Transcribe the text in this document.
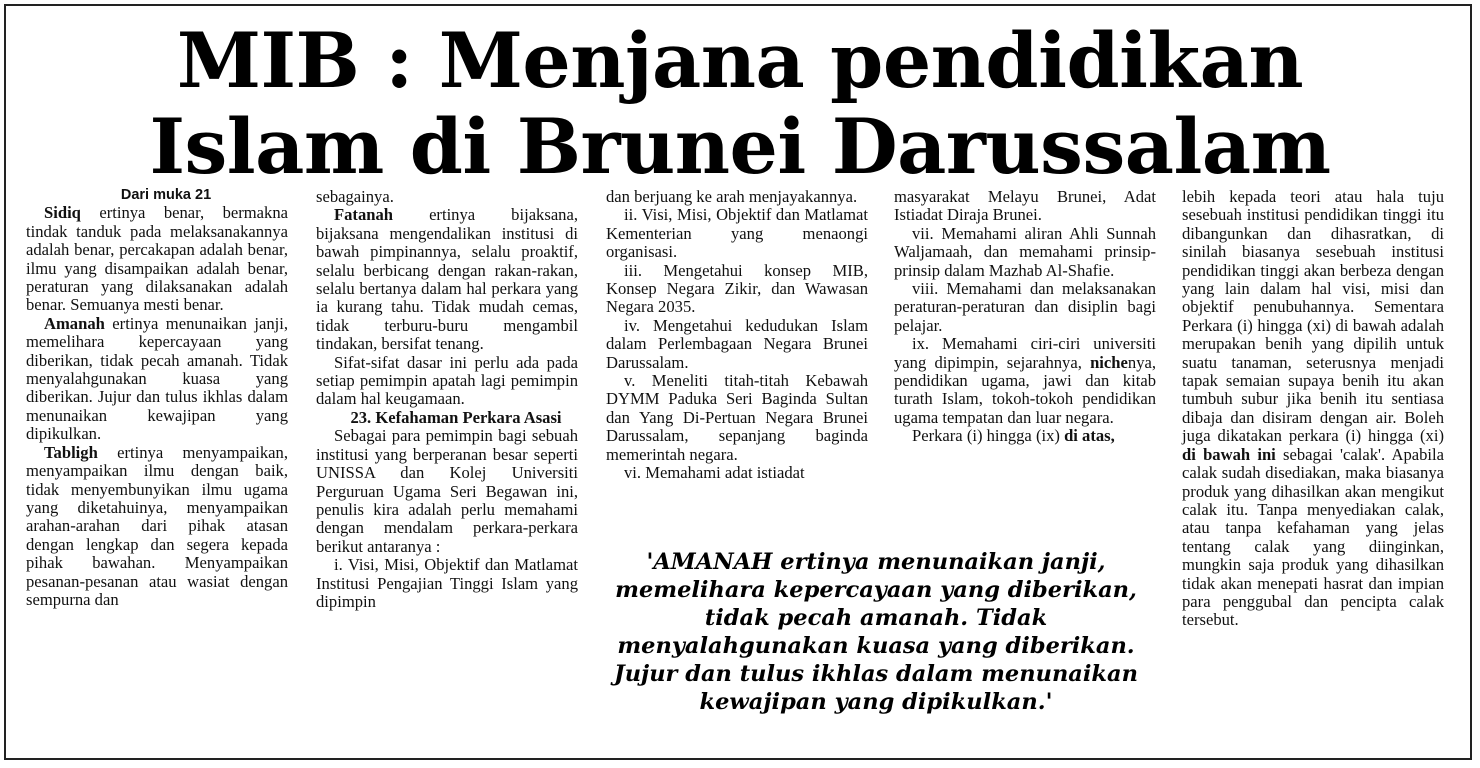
MIB : Menjana pendidikan
Islam di Brunei Darussalam

Dari muka 21

Sidiq ertinya benar, bermakna tindak tanduk pada melaksanakannya adalah benar, percakapan adalah benar, ilmu yang disampaikan adalah benar, peraturan yang dilaksanakan adalah benar. Semuanya mesti benar.

Amanah ertinya menunaikan janji, memelihara kepercayaan yang diberikan, tidak pecah amanah. Tidak menyalahgunakan kuasa yang diberikan. Jujur dan tulus ikhlas dalam menunaikan kewajipan yang dipikulkan.

Tabligh ertinya menyampaikan, menyampaikan ilmu dengan baik, tidak menyembunyikan ilmu ugama yang diketahuinya, menyampaikan arahan-arahan dari pihak atasan dengan lengkap dan segera kepada pihak bawahan. Menyampaikan pesanan-pesanan atau wasiat dengan sempurna dan

sebagainya.

Fatanah ertinya bijaksana, bijaksana mengendalikan institusi di bawah pimpinannya, selalu proaktif, selalu berbicang dengan rakan-rakan, selalu bertanya dalam hal perkara yang ia kurang tahu. Tidak mudah cemas, tidak terburu-buru mengambil tindakan, bersifat tenang.

Sifat-sifat dasar ini perlu ada pada setiap pemimpin apatah lagi pemimpin dalam hal keugamaan.

23. Kefahaman Perkara Asasi

Sebagai para pemimpin bagi sebuah institusi yang berperanan besar seperti UNISSA dan Kolej Universiti Perguruan Ugama Seri Begawan ini, penulis kira adalah perlu memahami dengan mendalam perkara-perkara berikut antaranya :

i. Visi, Misi, Objektif dan Matlamat Institusi Pengajian Tinggi Islam yang dipimpin

dan berjuang ke arah menjayakannya.

ii. Visi, Misi, Objektif dan Matlamat Kementerian yang menaongi organisasi.

iii. Mengetahui konsep MIB, Konsep Negara Zikir, dan Wawasan Negara 2035.

iv. Mengetahui kedudukan Islam dalam Perlembagaan Negara Brunei Darussalam.

v. Meneliti titah-titah Kebawah DYMM Paduka Seri Baginda Sultan dan Yang Di-Pertuan Negara Brunei Darussalam, sepanjang baginda memerintah negara.

vi. Memahami adat istiadat

masyarakat Melayu Brunei, Adat Istiadat Diraja Brunei.

vii. Memahami aliran Ahli Sunnah Waljamaah, dan memahami prinsip-prinsip dalam Mazhab Al-Shafie.

viii. Memahami dan melaksanakan peraturan-peraturan dan disiplin bagi pelajar.

ix. Memahami ciri-ciri universiti yang dipimpin, sejarahnya, nichenya, pendidikan ugama, jawi dan kitab turath Islam, tokoh-tokoh pendidikan ugama tempatan dan luar negara.

Perkara (i) hingga (ix) di atas,

lebih kepada teori atau hala tuju sesebuah institusi pendidikan tinggi itu dibangunkan dan dihasratkan, di sinilah biasanya sesebuah institusi pendidikan tinggi akan berbeza dengan yang lain dalam hal visi, misi dan objektif penubuhannya. Sementara Perkara (i) hingga (xi) di bawah adalah merupakan benih yang dipilih untuk suatu tanaman, seterusnya menjadi tapak semaian supaya benih itu akan tumbuh subur jika benih itu sentiasa dibaja dan disiram dengan air. Boleh juga dikatakan perkara (i) hingga (xi) di bawah ini sebagai 'calak'. Apabila calak sudah disediakan, maka biasanya produk yang dihasilkan akan mengikut calak itu. Tanpa menyediakan calak, atau tanpa kefahaman yang jelas tentang calak yang diinginkan, mungkin saja produk yang dihasilkan tidak akan menepati hasrat dan impian para penggubal dan pencipta calak tersebut.

'AMANAH ertinya menunaikan janji, memelihara kepercayaan yang diberikan, tidak pecah amanah. Tidak menyalahgunakan kuasa yang diberikan. Jujur dan tulus ikhlas dalam menunaikan kewajipan yang dipikulkan.'
